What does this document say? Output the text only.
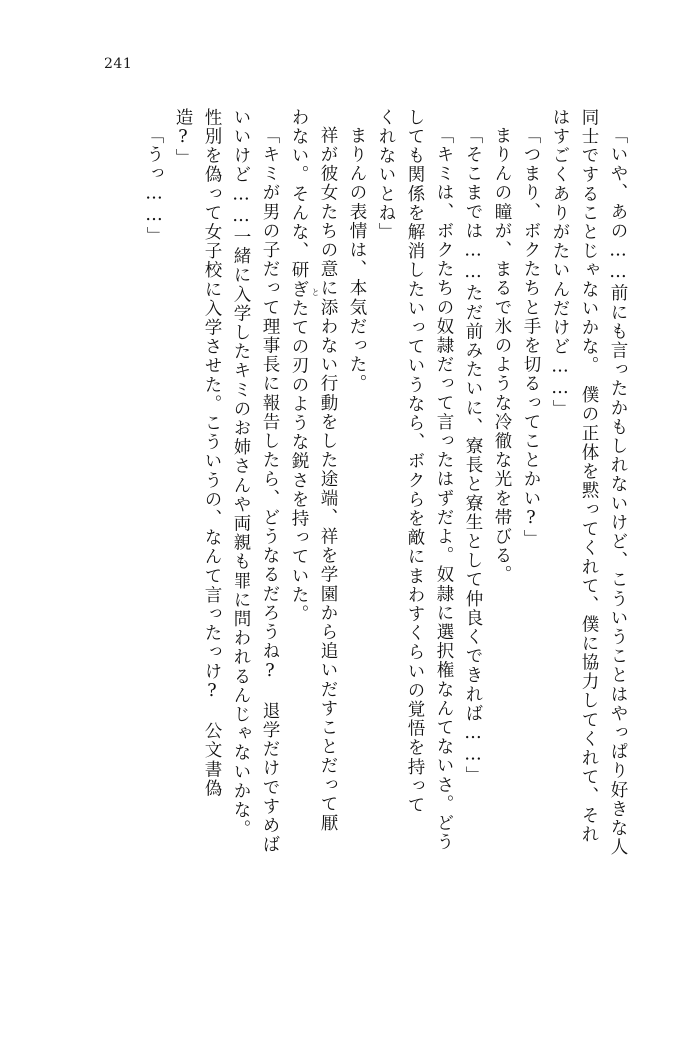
241
「いや、あの……前にも言ったかもしれないけど、こういうことはやっぱり好きな人
同士ですることじゃないかな。　僕の正体を黙ってくれて、僕に協力してくれて、それ
はすごくありがたいんだけど……」
「つまり、ボクたちと手を切るってことかい?」
まりんの瞳が、まるで氷のような冷徹な光を帯びる。
「そこまでは……ただ前みたいに、寮長と寮生として仲良くできれば……」
「キミは、ボクたちの奴隷だって言ったはずだよ。奴隷に選択権なんてないさ。どう
しても関係を解消したいっていうなら、ボクらを敵にまわすくらいの覚悟を持って
くれないとね」
まりんの表情は、本気だった。
祥が彼女たちの意に添わない行動をした途端、祥を学園から追いだすことだって厭
わない。そんな、研ぎたての刃のような鋭さを持っていた。
「キミが男の子だって理事長に報告したら、どうなるだろうね?　退学だけですめば
いいけど……一緒に入学したキミのお姉さんや両親も罪に問われるんじゃないかな。
性別を偽って女子校に入学させた。こういうの、なんて言ったっけ?　公文書偽
造?」
「うっ……」
と
